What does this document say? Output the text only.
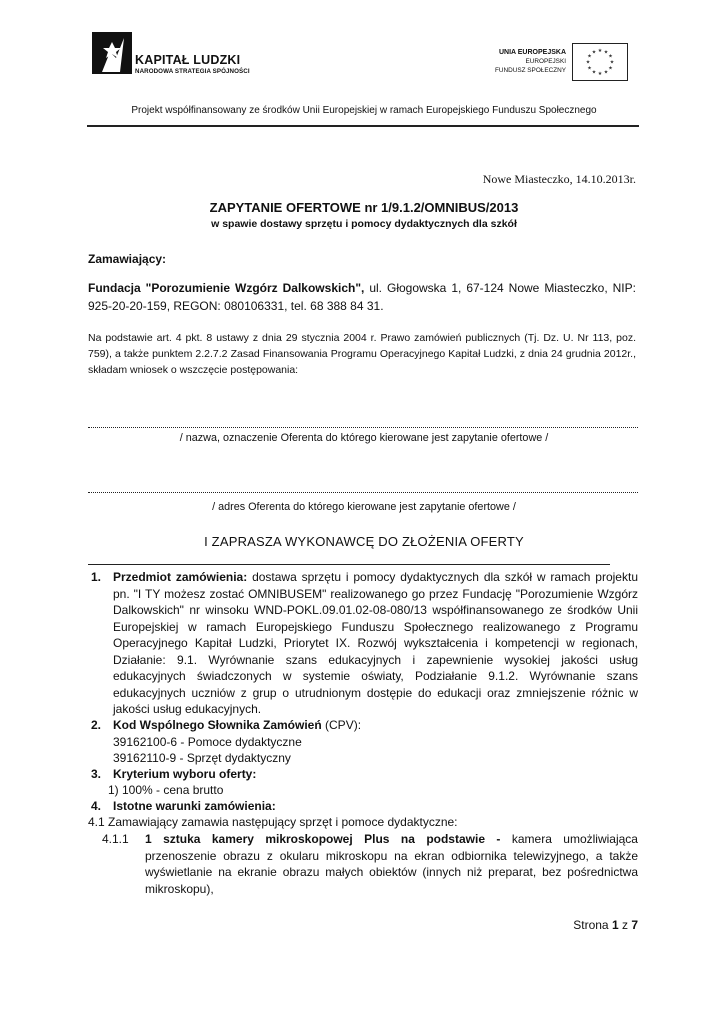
KAPITAŁ LUDZKI
NARODOWA STRATEGIA SPÓJNOŚCI
UNIA EUROPEJSKA
EUROPEJSKI
FUNDUSZ SPOŁECZNY
★ ★
★
★
★
★
★
★
★
★
★
★
Projekt współfinansowany ze środków Unii Europejskiej w ramach Europejskiego Funduszu Społecznego
Nowe Miasteczko, 14.10.2013r.
ZAPYTANIE OFERTOWE nr 1/9.1.2/OMNIBUS/2013
w spawie dostawy sprzętu i pomocy dydaktycznych dla szkół
Zamawiający:
Fundacja "Porozumienie Wzgórz Dalkowskich", ul. Głogowska 1, 67-124 Nowe Miasteczko, NIP: 925-20-20-159, REGON: 080106331, tel. 68 388 84 31.
Na podstawie art. 4 pkt. 8 ustawy z dnia 29 stycznia 2004 r. Prawo zamówień publicznych (Tj. Dz. U. Nr 113, poz. 759), a także punktem 2.2.7.2 Zasad Finansowania Programu Operacyjnego Kapitał Ludzki, z dnia 24 grudnia 2012r., składam wniosek o wszczęcie postępowania:
/ nazwa, oznaczenie Oferenta do którego kierowane jest zapytanie ofertowe /
/ adres Oferenta do którego kierowane jest zapytanie ofertowe /
I ZAPRASZA WYKONAWCĘ DO ZŁOŻENIA OFERTY
1. Przedmiot zamówienia: dostawa sprzętu i pomocy dydaktycznych dla szkół w ramach projektu pn. "I TY możesz zostać OMNIBUSEM" realizowanego go przez Fundację "Porozumienie Wzgórz Dalkowskich" nr winsoku WND-POKL.09.01.02-08-080/13 współfinansowanego ze środków Unii Europejskiej w ramach Europejskiego Funduszu Społecznego realizowanego z Programu Operacyjnego Kapitał Ludzki, Priorytet IX. Rozwój wykształcenia i kompetencji w regionach, Działanie: 9.1. Wyrównanie szans edukacyjnych i zapewnienie wysokiej jakości usług edukacyjnych świadczonych w systemie oświaty, Podziałanie 9.1.2. Wyrównanie szans edukacyjnych uczniów z grup o utrudnionym dostępie do edukacji oraz zmniejszenie różnic w jakości usług edukacyjnych.
2. Kod Wspólnego Słownika Zamówień (CPV):
39162100-6 - Pomoce dydaktyczne
39162110-9 - Sprzęt dydaktyczny
3. Kryterium wyboru oferty:
1) 100% - cena brutto
4. Istotne warunki zamówienia:
4.1 Zamawiający zamawia następujący sprzęt i pomoce dydaktyczne:
4.1.1 1 sztuka kamery mikroskopowej Plus na podstawie - kamera umożliwiająca przenoszenie obrazu z okularu mikroskopu na ekran odbiornika telewizyjnego, a także wyświetlanie na ekranie obrazu małych obiektów (innych niż preparat, bez pośrednictwa mikroskopu),
Strona 1 z 7
